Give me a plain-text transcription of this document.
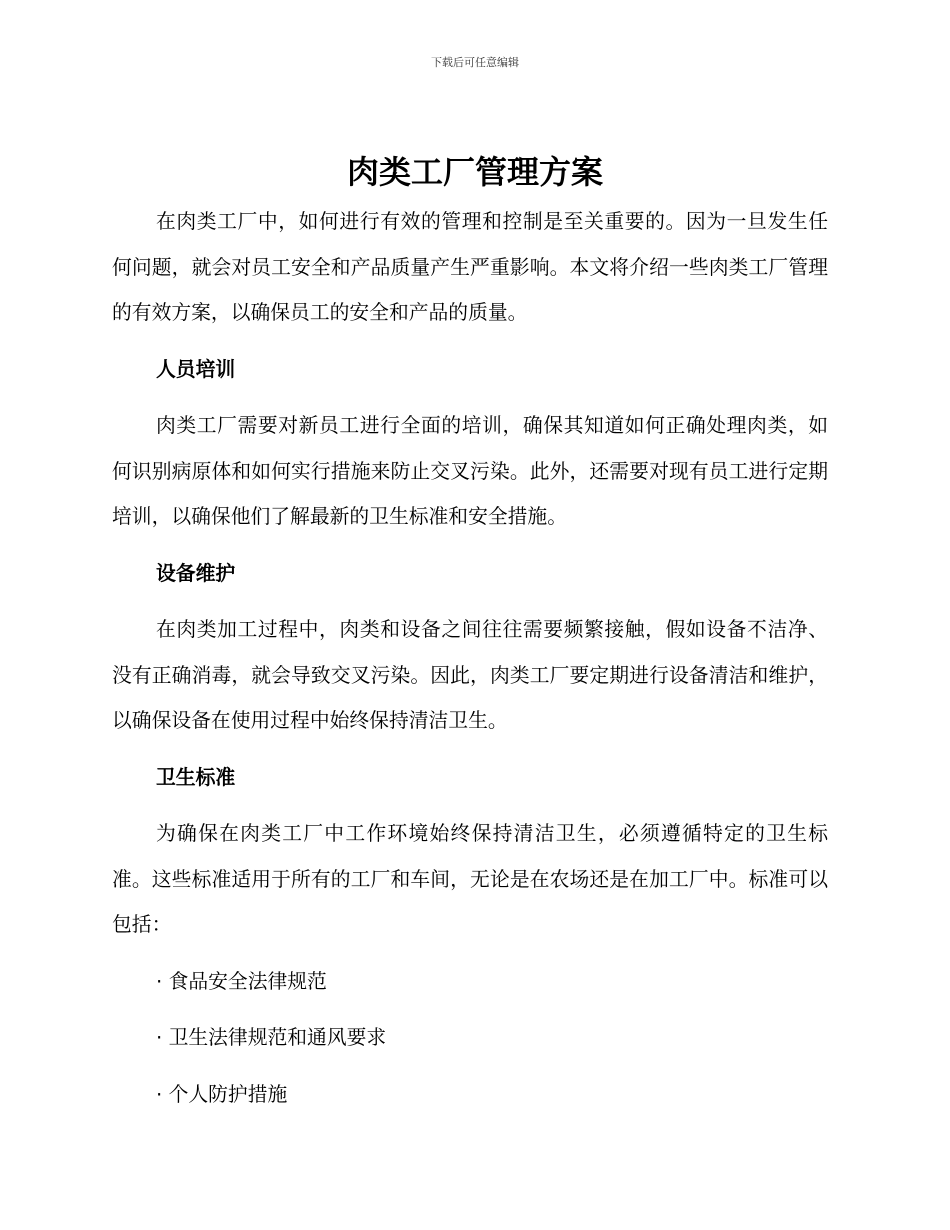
下载后可任意编辑
肉类工厂管理方案

在肉类工厂中，如何进行有效的管理和控制是至关重要的。因为一旦发生任何问题，就会对员工安全和产品质量产生严重影响。本文将介绍一些肉类工厂管理的有效方案，以确保员工的安全和产品的质量。

人员培训

肉类工厂需要对新员工进行全面的培训，确保其知道如何正确处理肉类，如何识别病原体和如何实行措施来防止交叉污染。此外，还需要对现有员工进行定期培训，以确保他们了解最新的卫生标准和安全措施。

设备维护

在肉类加工过程中，肉类和设备之间往往需要频繁接触，假如设备不洁净、没有正确消毒，就会导致交叉污染。因此，肉类工厂要定期进行设备清洁和维护，以确保设备在使用过程中始终保持清洁卫生。

卫生标准

为确保在肉类工厂中工作环境始终保持清洁卫生，必须遵循特定的卫生标准。这些标准适用于所有的工厂和车间，无论是在农场还是在加工厂中。标准可以包括：

· 食品安全法律规范

· 卫生法律规范和通风要求

· 个人防护措施
